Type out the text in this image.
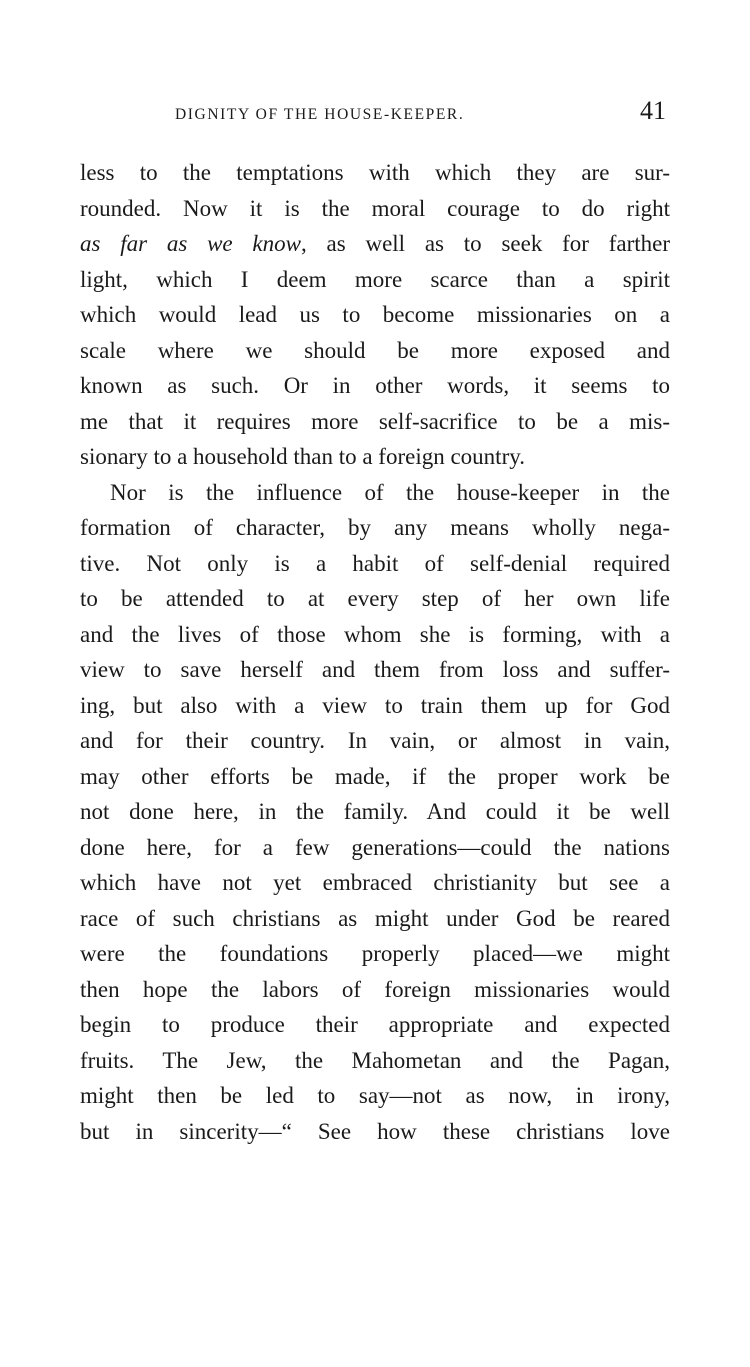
DIGNITY OF THE HOUSE-KEEPER.	41
less to the temptations with which they are sur-
rounded. Now it is the moral courage to do right
as far as we know, as well as to seek for farther
light, which I deem more scarce than a spirit
which would lead us to become missionaries on a
scale where we should be more exposed and
known as such. Or in other words, it seems to
me that it requires more self-sacrifice to be a mis-
sionary to a household than to a foreign country.
Nor is the influence of the house-keeper in the
formation of character, by any means wholly nega-
tive. Not only is a habit of self-denial required
to be attended to at every step of her own life
and the lives of those whom she is forming, with a
view to save herself and them from loss and suffer-
ing, but also with a view to train them up for God
and for their country. In vain, or almost in vain,
may other efforts be made, if the proper work be
not done here, in the family. And could it be well
done here, for a few generations—could the nations
which have not yet embraced christianity but see a
race of such christians as might under God be reared
were the foundations properly placed—we might
then hope the labors of foreign missionaries would
begin to produce their appropriate and expected
fruits. The Jew, the Mahometan and the Pagan,
might then be led to say—not as now, in irony,
but in sincerity—“ See how these christians love
